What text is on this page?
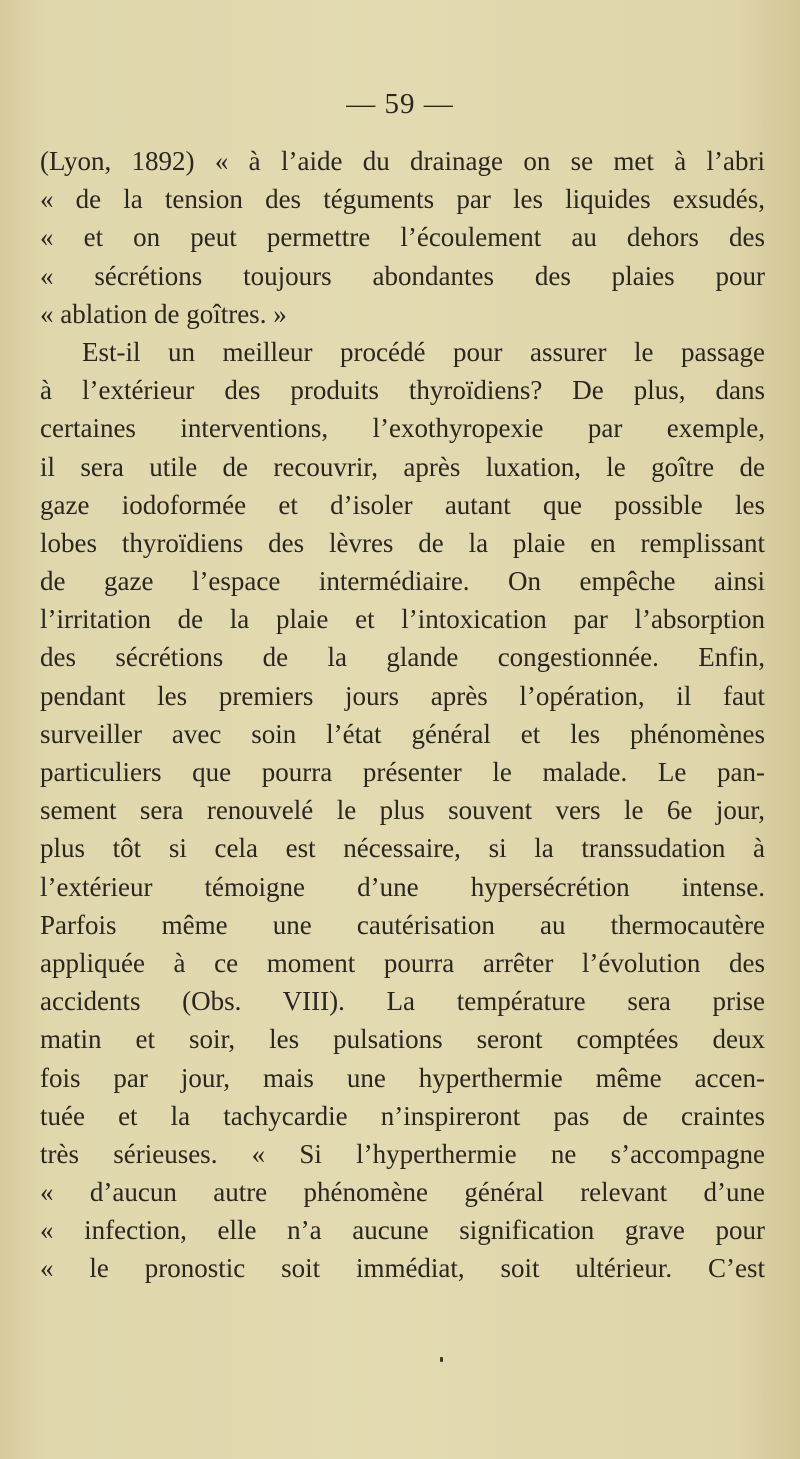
— 59 —
(Lyon, 1892) « à l’aide du drainage on se met à l’abri
« de la tension des téguments par les liquides exsudés,
« et on peut permettre l’écoulement au dehors des
« sécrétions toujours abondantes des plaies pour
« ablation de goîtres. »
Est-il un meilleur procédé pour assurer le passage
à l’extérieur des produits thyroïdiens? De plus, dans
certaines interventions, l’exothyropexie par exemple,
il sera utile de recouvrir, après luxation, le goître de
gaze iodoformée et d’isoler autant que possible les
lobes thyroïdiens des lèvres de la plaie en remplissant
de gaze l’espace intermédiaire. On empêche ainsi
l’irritation de la plaie et l’intoxication par l’absorption
des sécrétions de la glande congestionnée. Enfin,
pendant les premiers jours après l’opération, il faut
surveiller avec soin l’état général et les phénomènes
particuliers que pourra présenter le malade. Le pan-
sement sera renouvelé le plus souvent vers le 6e jour,
plus tôt si cela est nécessaire, si la transsudation à
l’extérieur témoigne d’une hypersécrétion intense.
Parfois même une cautérisation au thermocautère
appliquée à ce moment pourra arrêter l’évolution des
accidents (Obs. VIII). La température sera prise
matin et soir, les pulsations seront comptées deux
fois par jour, mais une hyperthermie même accen-
tuée et la tachycardie n’inspireront pas de craintes
très sérieuses. « Si l’hyperthermie ne s’accompagne
« d’aucun autre phénomène général relevant d’une
« infection, elle n’a aucune signification grave pour
« le pronostic soit immédiat, soit ultérieur. C’est
